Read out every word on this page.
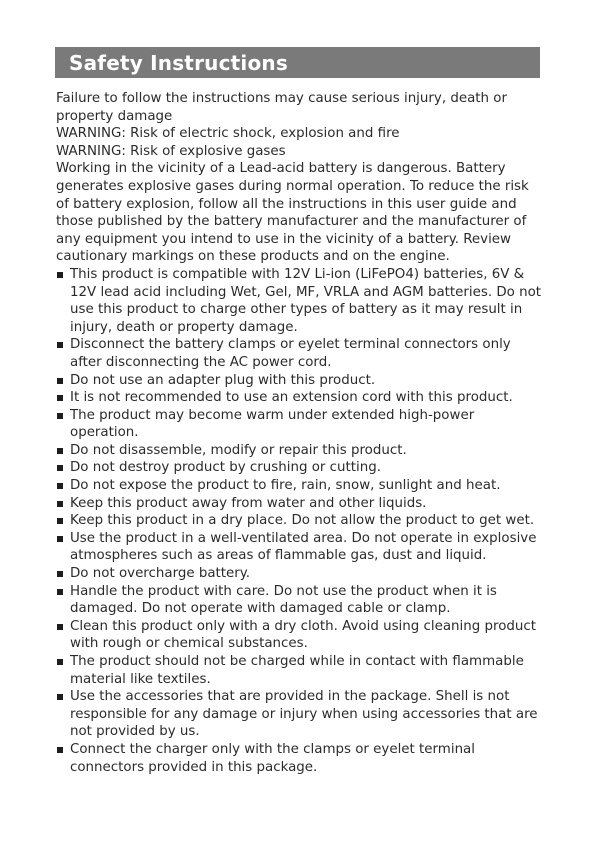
Safety Instructions

Failure to follow the instructions may cause serious injury, death or property damage

WARNING: Risk of electric shock, explosion and fire

WARNING: Risk of explosive gases

Working in the vicinity of a Lead-acid battery is dangerous. Battery generates explosive gases during normal operation. To reduce the risk of battery explosion, follow all the instructions in this user guide and those published by the battery manufacturer and the manufacturer of any equipment you intend to use in the vicinity of a battery. Review cautionary markings on these products and on the engine.

This product is compatible with 12V Li-ion (LiFePO4) batteries, 6V & 12V lead acid including Wet, Gel, MF, VRLA and AGM batteries. Do not use this product to charge other types of battery as it may result in injury, death or property damage.
Disconnect the battery clamps or eyelet terminal connectors only after disconnecting the AC power cord.
Do not use an adapter plug with this product.
It is not recommended to use an extension cord with this product.
The product may become warm under extended high-power operation.
Do not disassemble, modify or repair this product.
Do not destroy product by crushing or cutting.
Do not expose the product to fire, rain, snow, sunlight and heat.
Keep this product away from water and other liquids.
Keep this product in a dry place. Do not allow the product to get wet.
Use the product in a well-ventilated area. Do not operate in explosive atmospheres such as areas of flammable gas, dust and liquid.
Do not overcharge battery.
Handle the product with care. Do not use the product when it is damaged. Do not operate with damaged cable or clamp.
Clean this product only with a dry cloth. Avoid using cleaning product with rough or chemical substances.
The product should not be charged while in contact with flammable material like textiles.
Use the accessories that are provided in the package. Shell is not responsible for any damage or injury when using accessories that are not provided by us.
Connect the charger only with the clamps or eyelet terminal connectors provided in this package.
